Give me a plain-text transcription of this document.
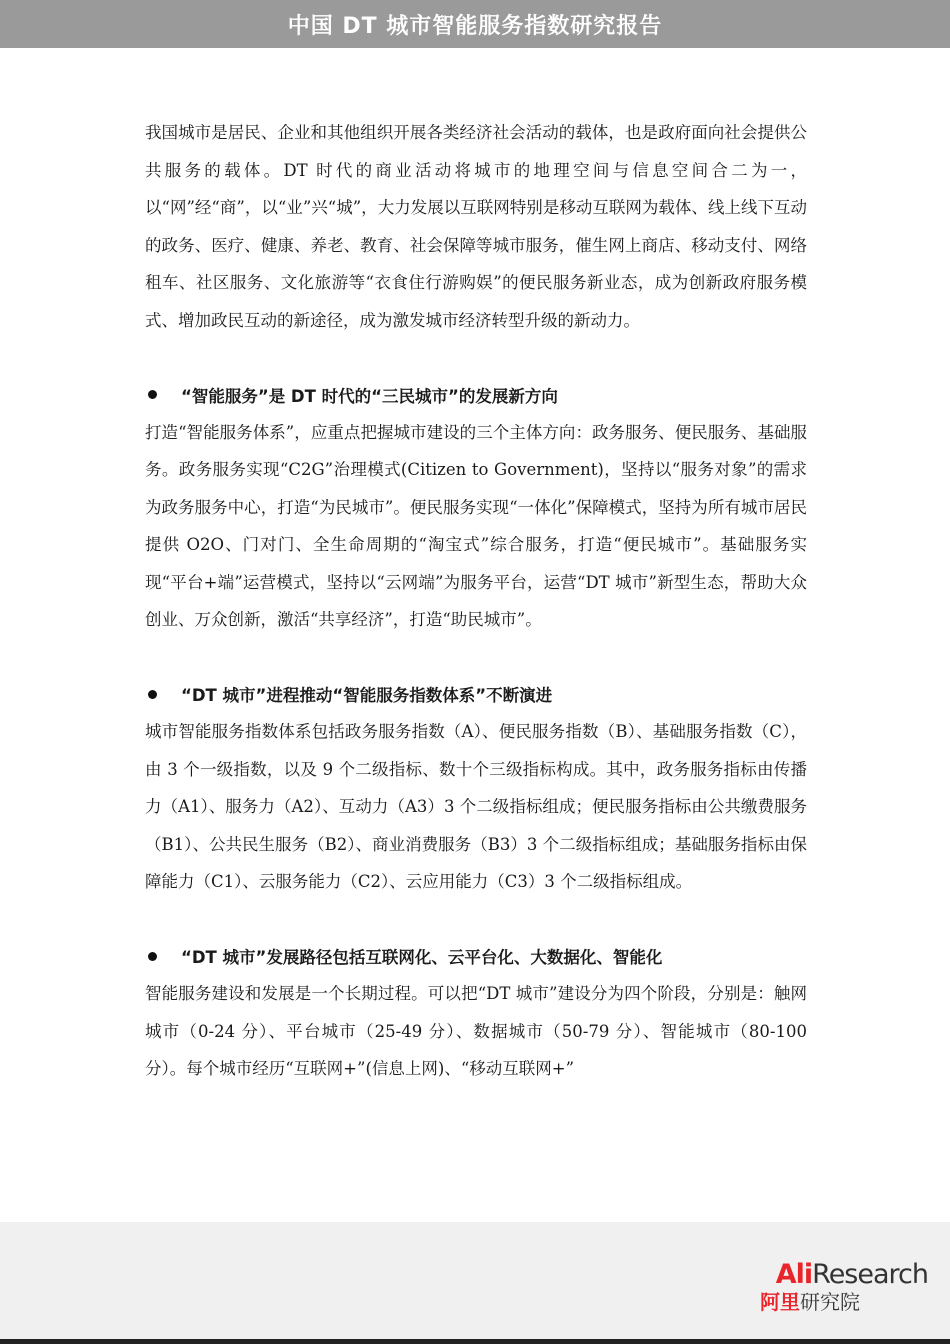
中国 DT 城市智能服务指数研究报告

我国城市是居民、企业和其他组织开展各类经济社会活动的载体，也是政府面向社会提供公共服务的载体。DT 时代的商业活动将城市的地理空间与信息空间合二为一，以“网”经“商”，以“业”兴“城”，大力发展以互联网特别是移动互联网为载体、线上线下互动的政务、医疗、健康、养老、教育、社会保障等城市服务，催生网上商店、移动支付、网络租车、社区服务、文化旅游等“衣食住行游购娱”的便民服务新业态，成为创新政府服务模式、增加政民互动的新途径，成为激发城市经济转型升级的新动力。

“智能服务”是 DT 时代的“三民城市”的发展新方向

打造“智能服务体系”，应重点把握城市建设的三个主体方向：政务服务、便民服务、基础服务。政务服务实现“C2G”治理模式(Citizen to Government)，坚持以“服务对象”的需求为政务服务中心，打造“为民城市”。便民服务实现“一体化”保障模式，坚持为所有城市居民提供 O2O、门对门、全生命周期的“淘宝式”综合服务，打造“便民城市”。基础服务实现“平台+端”运营模式，坚持以“云网端”为服务平台，运营“DT 城市”新型生态，帮助大众创业、万众创新，激活“共享经济”，打造“助民城市”。

“DT 城市”进程推动“智能服务指数体系”不断演进

城市智能服务指数体系包括政务服务指数（A）、便民服务指数（B）、基础服务指数（C），由 3 个一级指数，以及 9 个二级指标、数十个三级指标构成。其中，政务服务指标由传播力（A1）、服务力（A2）、互动力（A3）3 个二级指标组成；便民服务指标由公共缴费服务（B1）、公共民生服务（B2）、商业消费服务（B3）3 个二级指标组成；基础服务指标由保障能力（C1）、云服务能力（C2）、云应用能力（C3）3 个二级指标组成。

“DT 城市”发展路径包括互联网化、云平台化、大数据化、智能化

智能服务建设和发展是一个长期过程。可以把“DT 城市”建设分为四个阶段，分别是：触网城市（0-24 分）、平台城市（25-49 分）、数据城市（50-79 分）、智能城市（80-100 分）。每个城市经历“互联网+”(信息上网)、“移动互联网+”

AliResearch
阿里研究院
